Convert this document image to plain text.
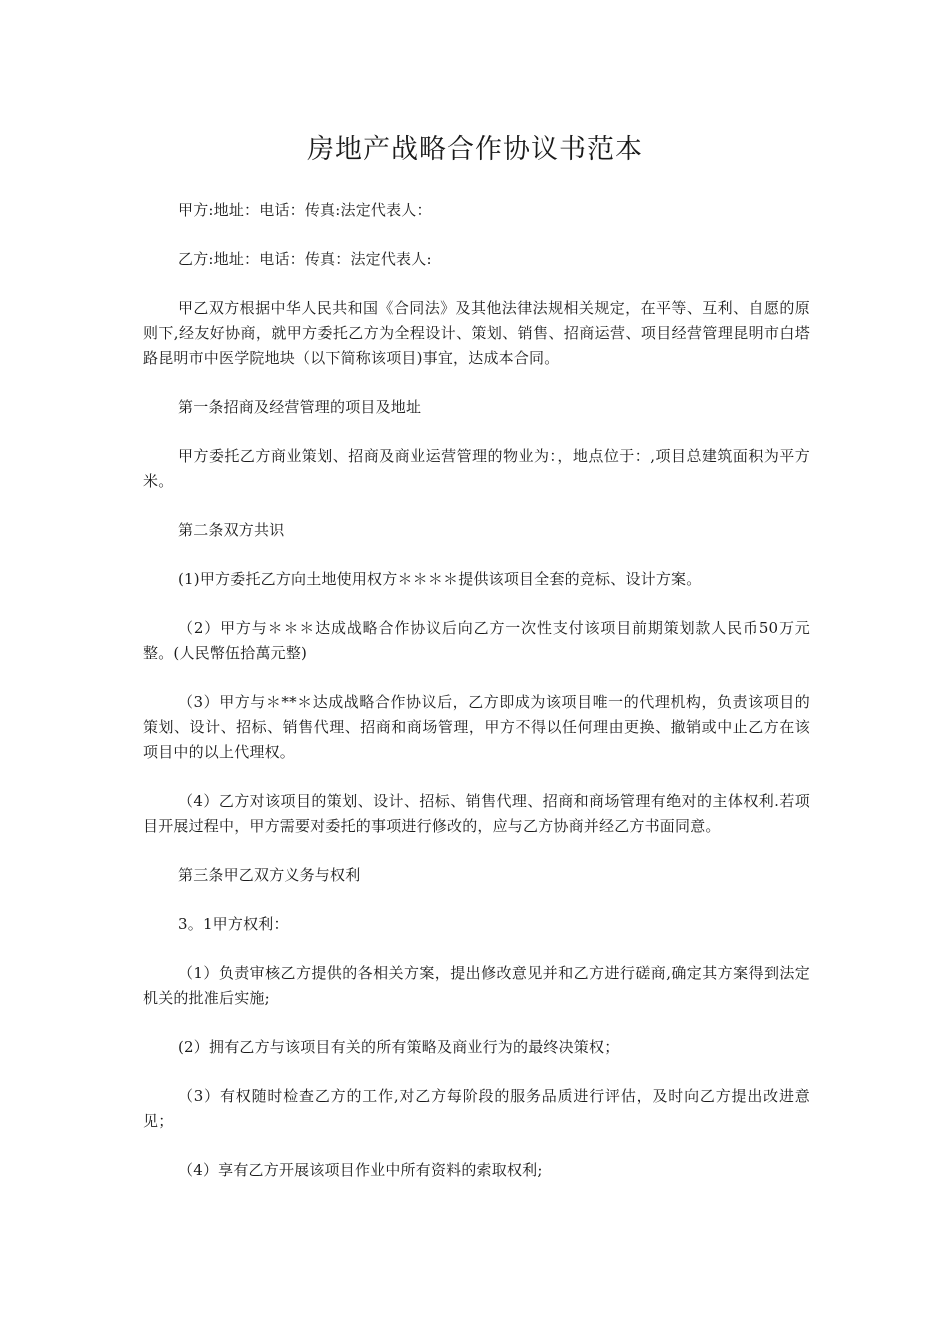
房地产战略合作协议书范本

甲方:地址：电话：传真:法定代表人：

乙方:地址：电话：传真：法定代表人:

甲乙双方根据中华人民共和国《合同法》及其他法律法规相关规定，在平等、互利、自愿的原则下,经友好协商，就甲方委托乙方为全程设计、策划、销售、招商运营、项目经营管理昆明市白塔路昆明市中医学院地块（以下简称该项目)事宜，达成本合同。

第一条招商及经营管理的项目及地址

甲方委托乙方商业策划、招商及商业运营管理的物业为：，地点位于：,项目总建筑面积为平方米。

第二条双方共识

(1)甲方委托乙方向土地使用权方＊＊＊＊提供该项目全套的竞标、设计方案。

（2）甲方与＊＊＊达成战略合作协议后向乙方一次性支付该项目前期策划款人民币50万元整。(人民幣伍拾萬元整)

（3）甲方与＊**＊达成战略合作协议后，乙方即成为该项目唯一的代理机构，负责该项目的策划、设计、招标、销售代理、招商和商场管理，甲方不得以任何理由更换、撤销或中止乙方在该项目中的以上代理权。

（4）乙方对该项目的策划、设计、招标、销售代理、招商和商场管理有绝对的主体权利.若项目开展过程中，甲方需要对委托的事项进行修改的，应与乙方协商并经乙方书面同意。

第三条甲乙双方义务与权利

3。1甲方权利：

（1）负责审核乙方提供的各相关方案，提出修改意见并和乙方进行磋商,确定其方案得到法定机关的批准后实施;

(2）拥有乙方与该项目有关的所有策略及商业行为的最终决策权；

（3）有权随时检查乙方的工作,对乙方每阶段的服务品质进行评估，及时向乙方提出改进意见；

（4）享有乙方开展该项目作业中所有资料的索取权利;
